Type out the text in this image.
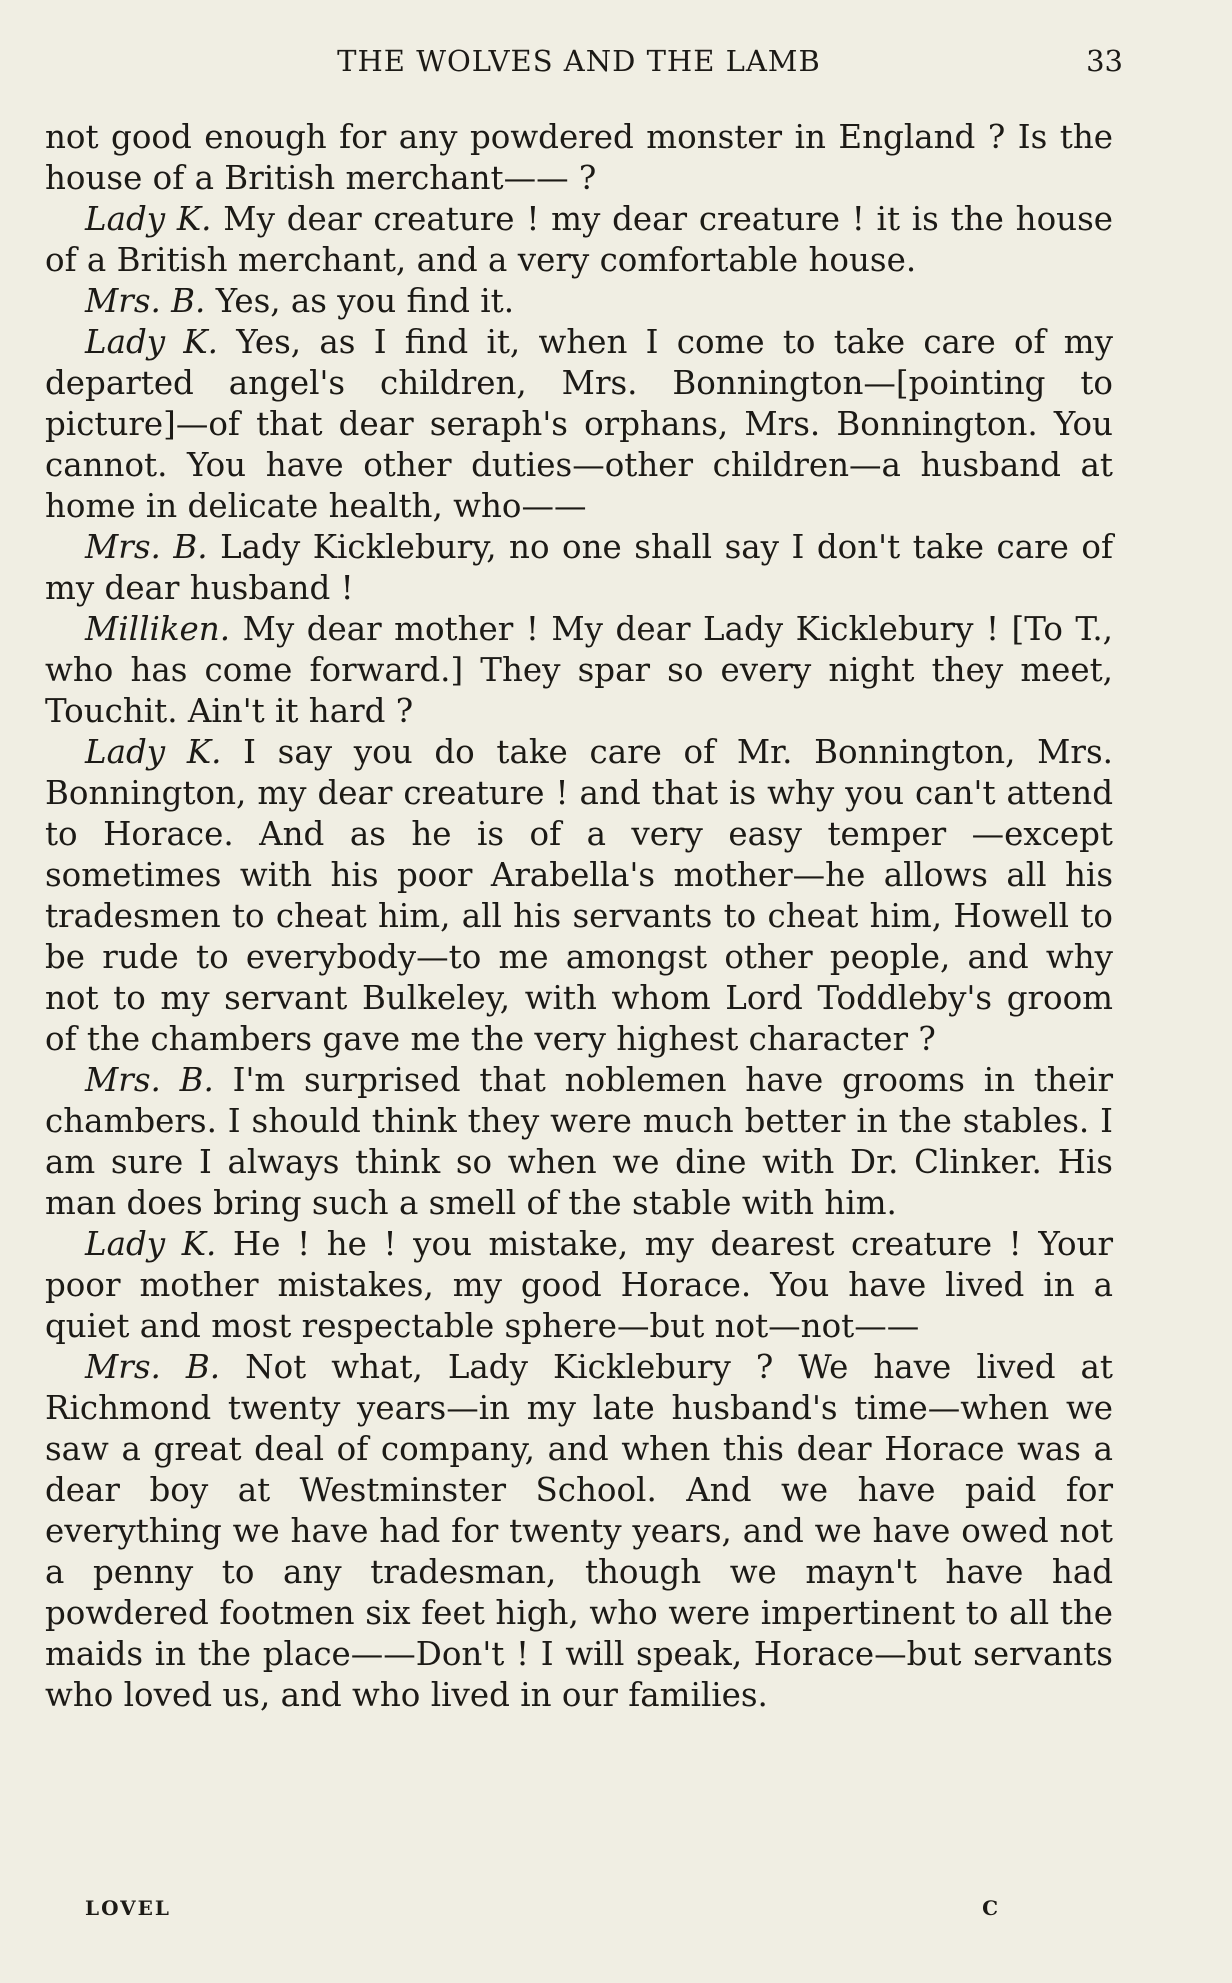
THE WOLVES AND THE LAMB	33

not good enough for any powdered monster in England ? Is the house of a British merchant—— ?

Lady K. My dear creature ! my dear creature ! it is the house of a British merchant, and a very comfortable house.

Mrs. B. Yes, as you find it.

Lady K. Yes, as I find it, when I come to take care of my departed angel's children, Mrs. Bonnington—[pointing to picture]—of that dear seraph's orphans, Mrs. Bonnington. You cannot. You have other duties—other children—a husband at home in delicate health, who——

Mrs. B. Lady Kicklebury, no one shall say I don't take care of my dear husband !

Milliken. My dear mother ! My dear Lady Kicklebury ! [To T., who has come forward.] They spar so every night they meet, Touchit. Ain't it hard ?

Lady K. I say you do take care of Mr. Bonnington, Mrs. Bonnington, my dear creature ! and that is why you can't attend to Horace. And as he is of a very easy temper —except sometimes with his poor Arabella's mother—he allows all his tradesmen to cheat him, all his servants to cheat him, Howell to be rude to everybody—to me amongst other people, and why not to my servant Bulkeley, with whom Lord Toddleby's groom of the chambers gave me the very highest character ?

Mrs. B. I'm surprised that noblemen have grooms in their chambers. I should think they were much better in the stables. I am sure I always think so when we dine with Dr. Clinker. His man does bring such a smell of the stable with him.

Lady K. He ! he ! you mistake, my dearest creature ! Your poor mother mistakes, my good Horace. You have lived in a quiet and most respectable sphere—but not—not——

Mrs. B. Not what, Lady Kicklebury ? We have lived at Richmond twenty years—in my late husband's time—when we saw a great deal of company, and when this dear Horace was a dear boy at Westminster School. And we have paid for everything we have had for twenty years, and we have owed not a penny to any tradesman, though we mayn't have had powdered footmen six feet high, who were impertinent to all the maids in the place——Don't ! I will speak, Horace—but servants who loved us, and who lived in our families.

LOVEL	C
